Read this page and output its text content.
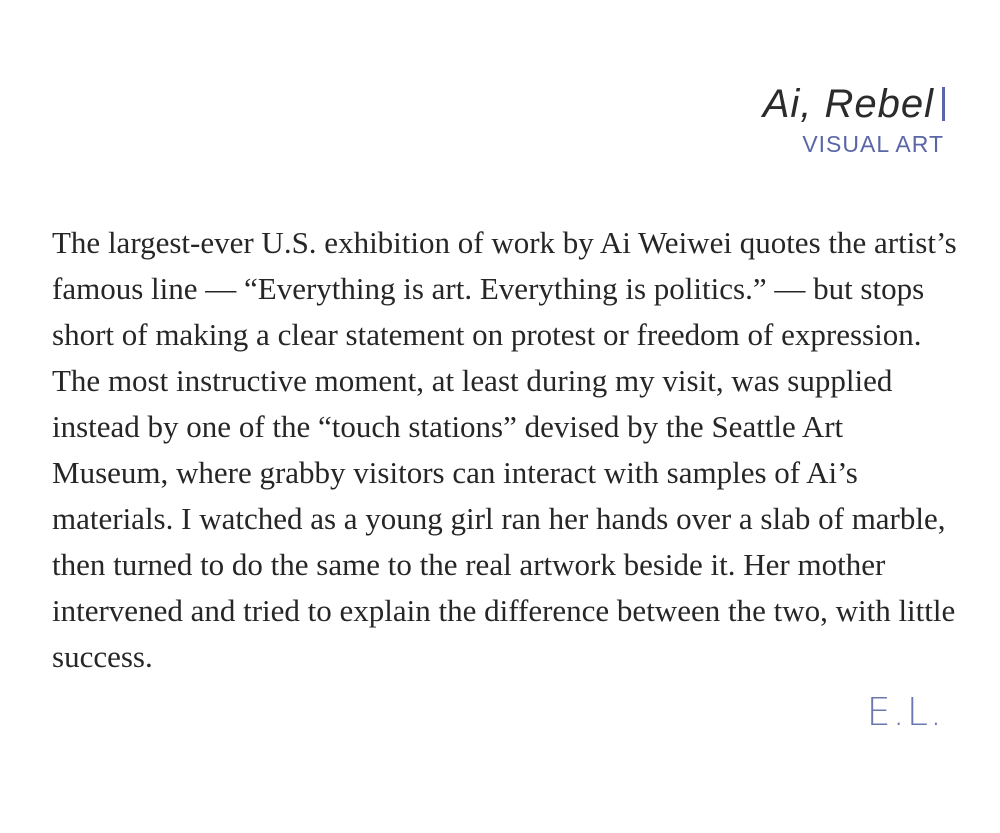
Ai, Rebel
VISUAL ART

The largest-ever U.S. exhibition of work by Ai Weiwei quotes the artist’s famous line — “Everything is art. Everything is politics.” — but stops short of making a clear statement on protest or freedom of expression. The most instructive moment, at least during my visit, was supplied instead by one of the “touch stations” devised by the Seattle Art Museum, where grabby visitors can interact with samples of Ai’s materials. I watched as a young girl ran her hands over a slab of marble, then turned to do the same to the real artwork beside it. Her mother intervened and tried to explain the difference between the two, with little success.

E.L.
